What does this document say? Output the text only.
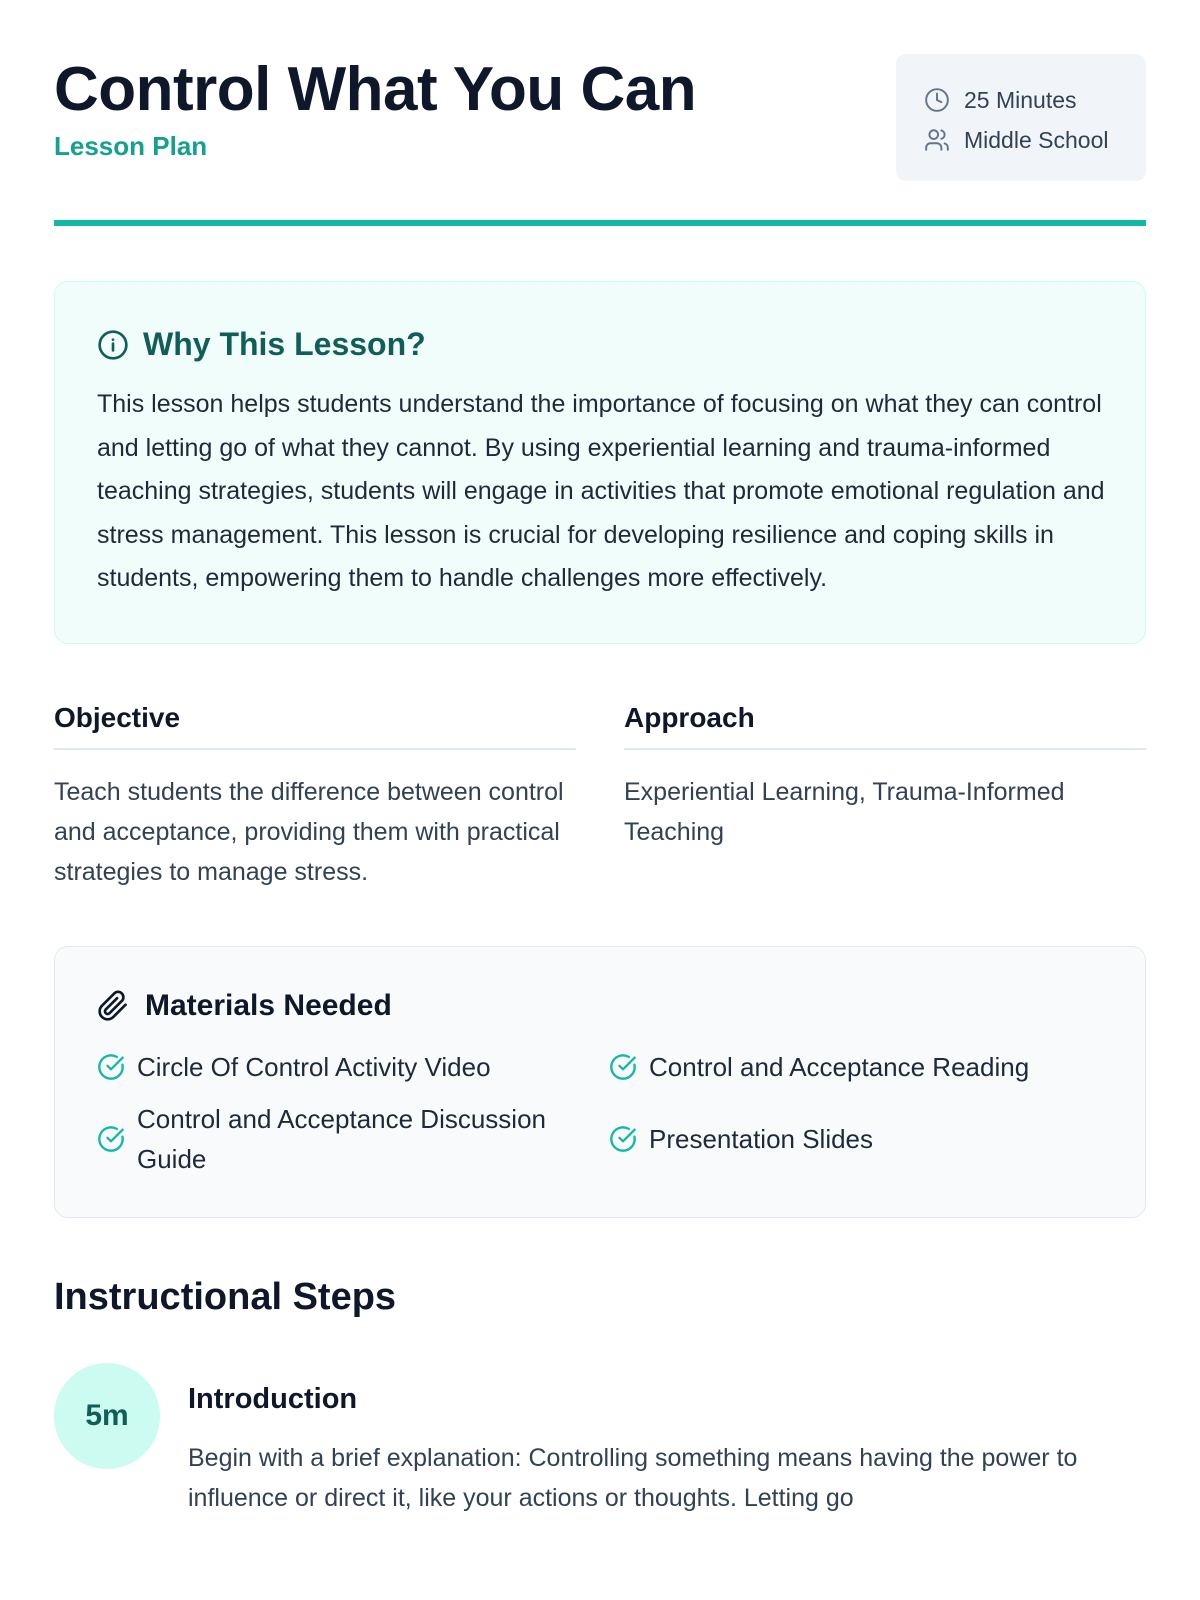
Control What You Can
Lesson Plan
25 Minutes
Middle School
Why This Lesson?

This lesson helps students understand the importance of focusing on what they can control and letting go of what they cannot. By using experiential learning and trauma-informed teaching strategies, students will engage in activities that promote emotional regulation and stress management. This lesson is crucial for developing resilience and coping skills in students, empowering them to handle challenges more effectively.

Objective

Teach students the difference between control and acceptance, providing them with practical strategies to manage stress.

Approach

Experiential Learning, Trauma-Informed Teaching

Materials Needed
Circle Of Control Activity Video	Control and Acceptance Reading
Control and Acceptance Discussion Guide
Presentation Slides
Instructional Steps
5m	Introduction

Begin with a brief explanation: Controlling something means having the power to influence or direct it, like your actions or thoughts. Letting go
